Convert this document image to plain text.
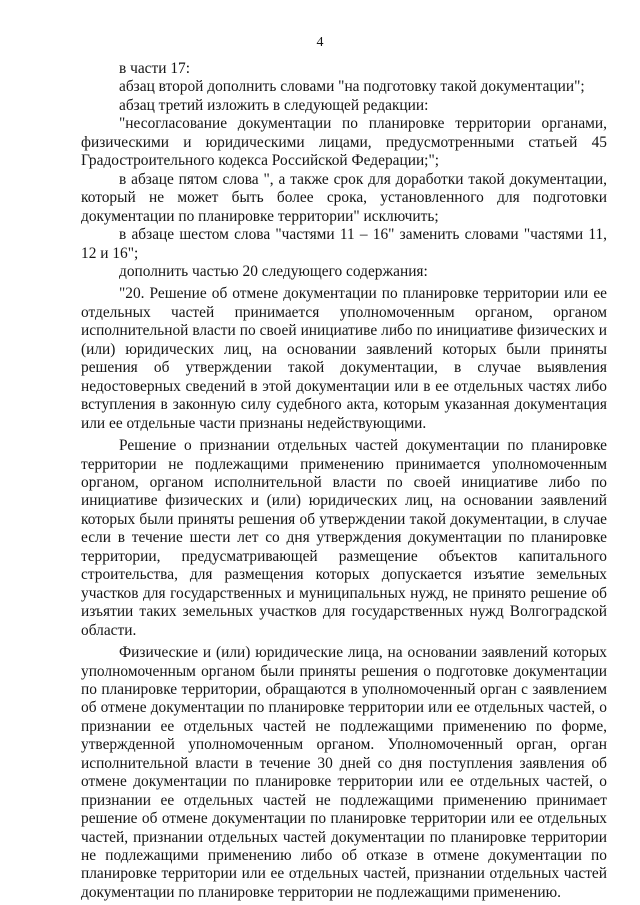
4

в части 17:

абзац второй дополнить словами "на подготовку такой документации";

абзац третий изложить в следующей редакции:

"несогласование документации по планировке территории органами, физическими и юридическими лицами, предусмотренными статьей 45 Градостроительного кодекса Российской Федерации;";

в абзаце пятом слова ", а также срок для доработки такой документации, который не может быть более срока, установленного для подготовки документации по планировке территории" исключить;

в абзаце шестом слова "частями 11 – 16" заменить словами "частями 11, 12 и 16";

дополнить частью 20 следующего содержания:

"20. Решение об отмене документации по планировке территории или ее отдельных частей принимается уполномоченным органом, органом исполнительной власти по своей инициативе либо по инициативе физических и (или) юридических лиц, на основании заявлений которых были приняты решения об утверждении такой документации, в случае выявления недостоверных сведений в этой документации или в ее отдельных частях либо вступления в законную силу судебного акта, которым указанная документация или ее отдельные части признаны недействующими.

Решение о признании отдельных частей документации по планировке территории не подлежащими применению принимается уполномоченным органом, органом исполнительной власти по своей инициативе либо по инициативе физических и (или) юридических лиц, на основании заявлений которых были приняты решения об утверждении такой документации, в случае если в течение шести лет со дня утверждения документации по планировке территории, предусматривающей размещение объектов капитального строительства, для размещения которых допускается изъятие земельных участков для государственных и муниципальных нужд, не принято решение об изъятии таких земельных участков для государственных нужд Волгоградской области.

Физические и (или) юридические лица, на основании заявлений которых уполномоченным органом были приняты решения о подготовке документации по планировке территории, обращаются в уполномоченный орган с заявлением об отмене документации по планировке территории или ее отдельных частей, о признании ее отдельных частей не подлежащими применению по форме, утвержденной уполномоченным органом. Уполномоченный орган, орган исполнительной власти в течение 30 дней со дня поступления заявления об отмене документации по планировке территории или ее отдельных частей, о признании ее отдельных частей не подлежащими применению принимает решение об отмене документации по планировке территории или ее отдельных частей, признании отдельных частей документации по планировке территории не подлежащими применению либо об отказе в отмене документации по планировке территории или ее отдельных частей, признании отдельных частей документации по планировке территории не подлежащими применению.
